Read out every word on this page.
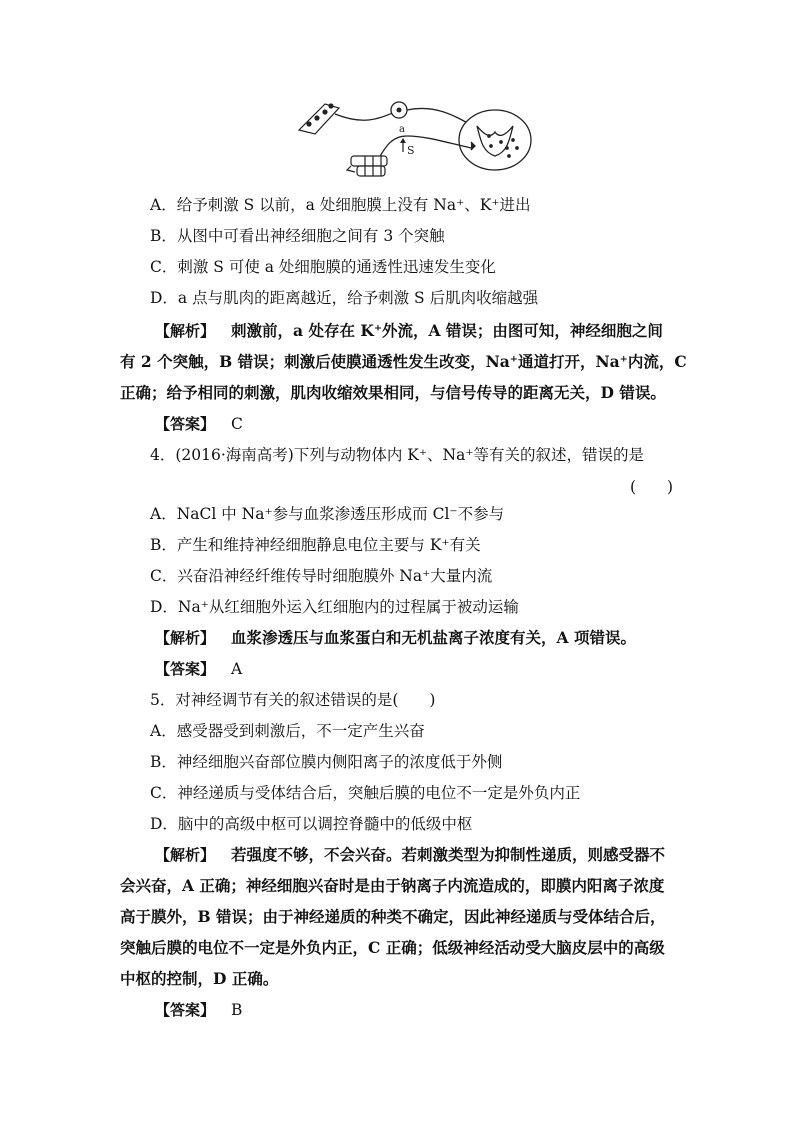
a
S
A．给予刺激 S 以前，a 处细胞膜上没有 Na⁺、K⁺进出
B．从图中可看出神经细胞之间有 3 个突触
C．刺激 S 可使 a 处细胞膜的通透性迅速发生变化
D．a 点与肌肉的距离越近，给予刺激 S 后肌肉收缩越强
【解析】 刺激前，a 处存在 K⁺外流，A 错误；由图可知，神经细胞之间
有 2 个突触，B 错误；刺激后使膜通透性发生改变，Na⁺通道打开，Na⁺内流，C
正确；给予相同的刺激，肌肉收缩效果相同，与信号传导的距离无关，D 错误。
【答案】 C
4．(2016·海南高考)下列与动物体内 K⁺、Na⁺等有关的叙述，错误的是
(　　)
A．NaCl 中 Na⁺参与血浆渗透压形成而 Cl⁻不参与
B．产生和维持神经细胞静息电位主要与 K⁺有关
C．兴奋沿神经纤维传导时细胞膜外 Na⁺大量内流
D．Na⁺从红细胞外运入红细胞内的过程属于被动运输
【解析】 血浆渗透压与血浆蛋白和无机盐离子浓度有关，A 项错误。
【答案】 A
5．对神经调节有关的叙述错误的是(　　)
A．感受器受到刺激后，不一定产生兴奋
B．神经细胞兴奋部位膜内侧阳离子的浓度低于外侧
C．神经递质与受体结合后，突触后膜的电位不一定是外负内正
D．脑中的高级中枢可以调控脊髓中的低级中枢
【解析】 若强度不够，不会兴奋。若刺激类型为抑制性递质，则感受器不
会兴奋，A 正确；神经细胞兴奋时是由于钠离子内流造成的，即膜内阳离子浓度
高于膜外，B 错误；由于神经递质的种类不确定，因此神经递质与受体结合后，
突触后膜的电位不一定是外负内正，C 正确；低级神经活动受大脑皮层中的高级
中枢的控制，D 正确。
【答案】 B
